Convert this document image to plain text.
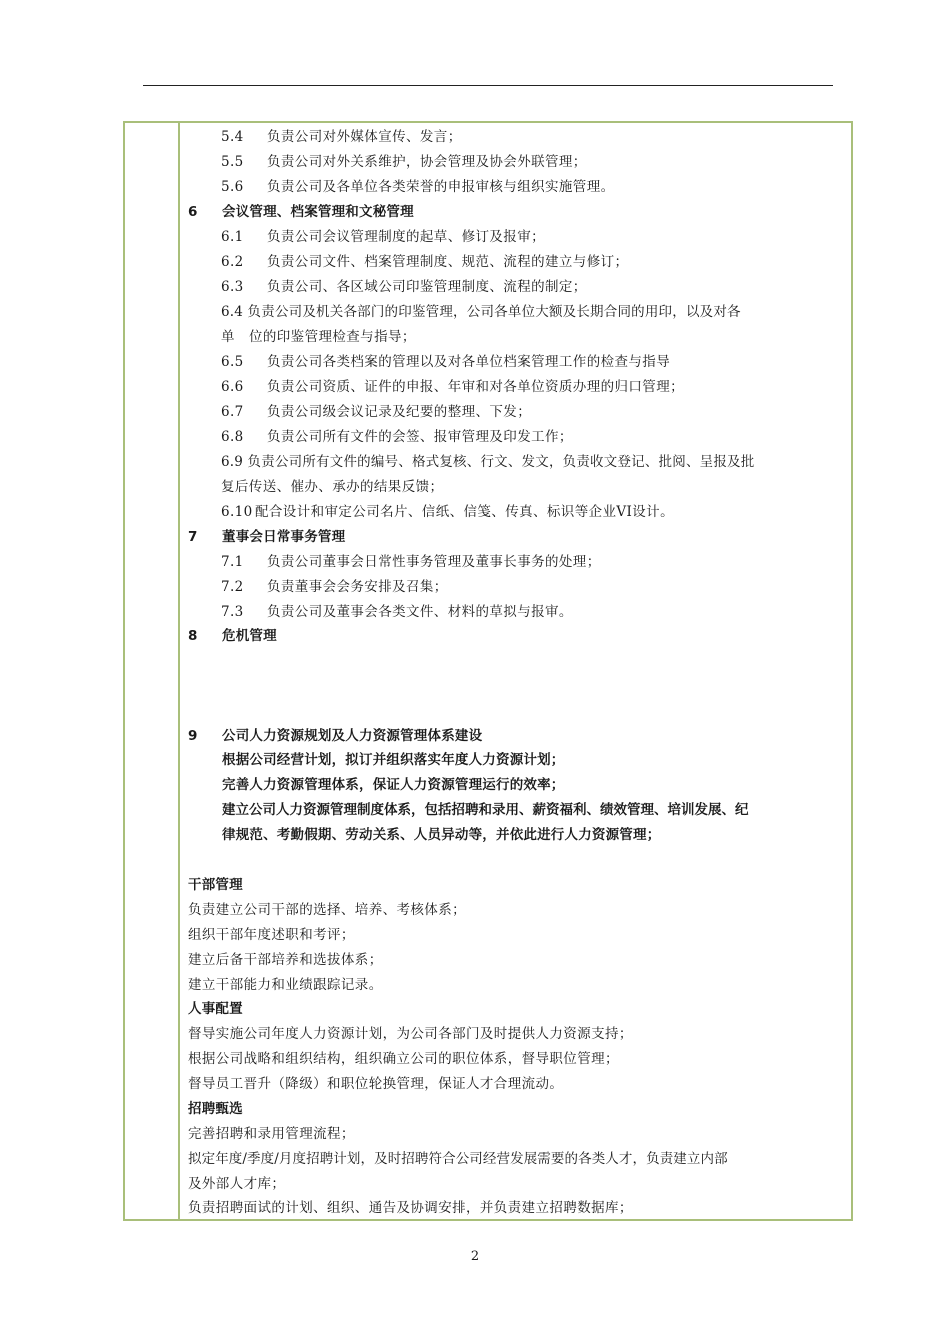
5.4 负责公司对外媒体宣传、发言；
5.5 负责公司对外关系维护，协会管理及协会外联管理；
5.6 负责公司及各单位各类荣誉的申报审核与组织实施管理。
6 会议管理、档案管理和文秘管理
6.1 负责公司会议管理制度的起草、修订及报审；
6.2 负责公司文件、档案管理制度、规范、流程的建立与修订；
6.3 负责公司、各区域公司印鉴管理制度、流程的制定；
6.4 负责公司及机关各部门的印鉴管理，公司各单位大额及长期合同的用印，以及对各
单   位的印鉴管理检查与指导；
6.5 负责公司各类档案的管理以及对各单位档案管理工作的检查与指导
6.6 负责公司资质、证件的申报、年审和对各单位资质办理的归口管理；
6.7 负责公司级会议记录及纪要的整理、下发；
6.8 负责公司所有文件的会签、报审管理及印发工作；
6.9 负责公司所有文件的编号、格式复核、行文、发文，负责收文登记、批阅、呈报及批
复后传送、催办、承办的结果反馈；
6.10 配合设计和审定公司名片、信纸、信笺、传真、标识等企业VI设计。
7 董事会日常事务管理
7.1 负责公司董事会日常性事务管理及董事长事务的处理；
7.2 负责董事会会务安排及召集；
7.3 负责公司及董事会各类文件、材料的草拟与报审。
8 危机管理
9 公司人力资源规划及人力资源管理体系建设
根据公司经营计划，拟订并组织落实年度人力资源计划；
完善人力资源管理体系，保证人力资源管理运行的效率；
建立公司人力资源管理制度体系，包括招聘和录用、薪资福利、绩效管理、培训发展、纪
律规范、考勤假期、劳动关系、人员异动等，并依此进行人力资源管理；
干部管理
负责建立公司干部的选择、培养、考核体系；
组织干部年度述职和考评；
建立后备干部培养和选拔体系；
建立干部能力和业绩跟踪记录。
人事配置
督导实施公司年度人力资源计划，为公司各部门及时提供人力资源支持；
根据公司战略和组织结构，组织确立公司的职位体系，督导职位管理；
督导员工晋升（降级）和职位轮换管理，保证人才合理流动。
招聘甄选
完善招聘和录用管理流程；
拟定年度/季度/月度招聘计划，及时招聘符合公司经营发展需要的各类人才，负责建立内部
及外部人才库；
负责招聘面试的计划、组织、通告及协调安排，并负责建立招聘数据库；
2
